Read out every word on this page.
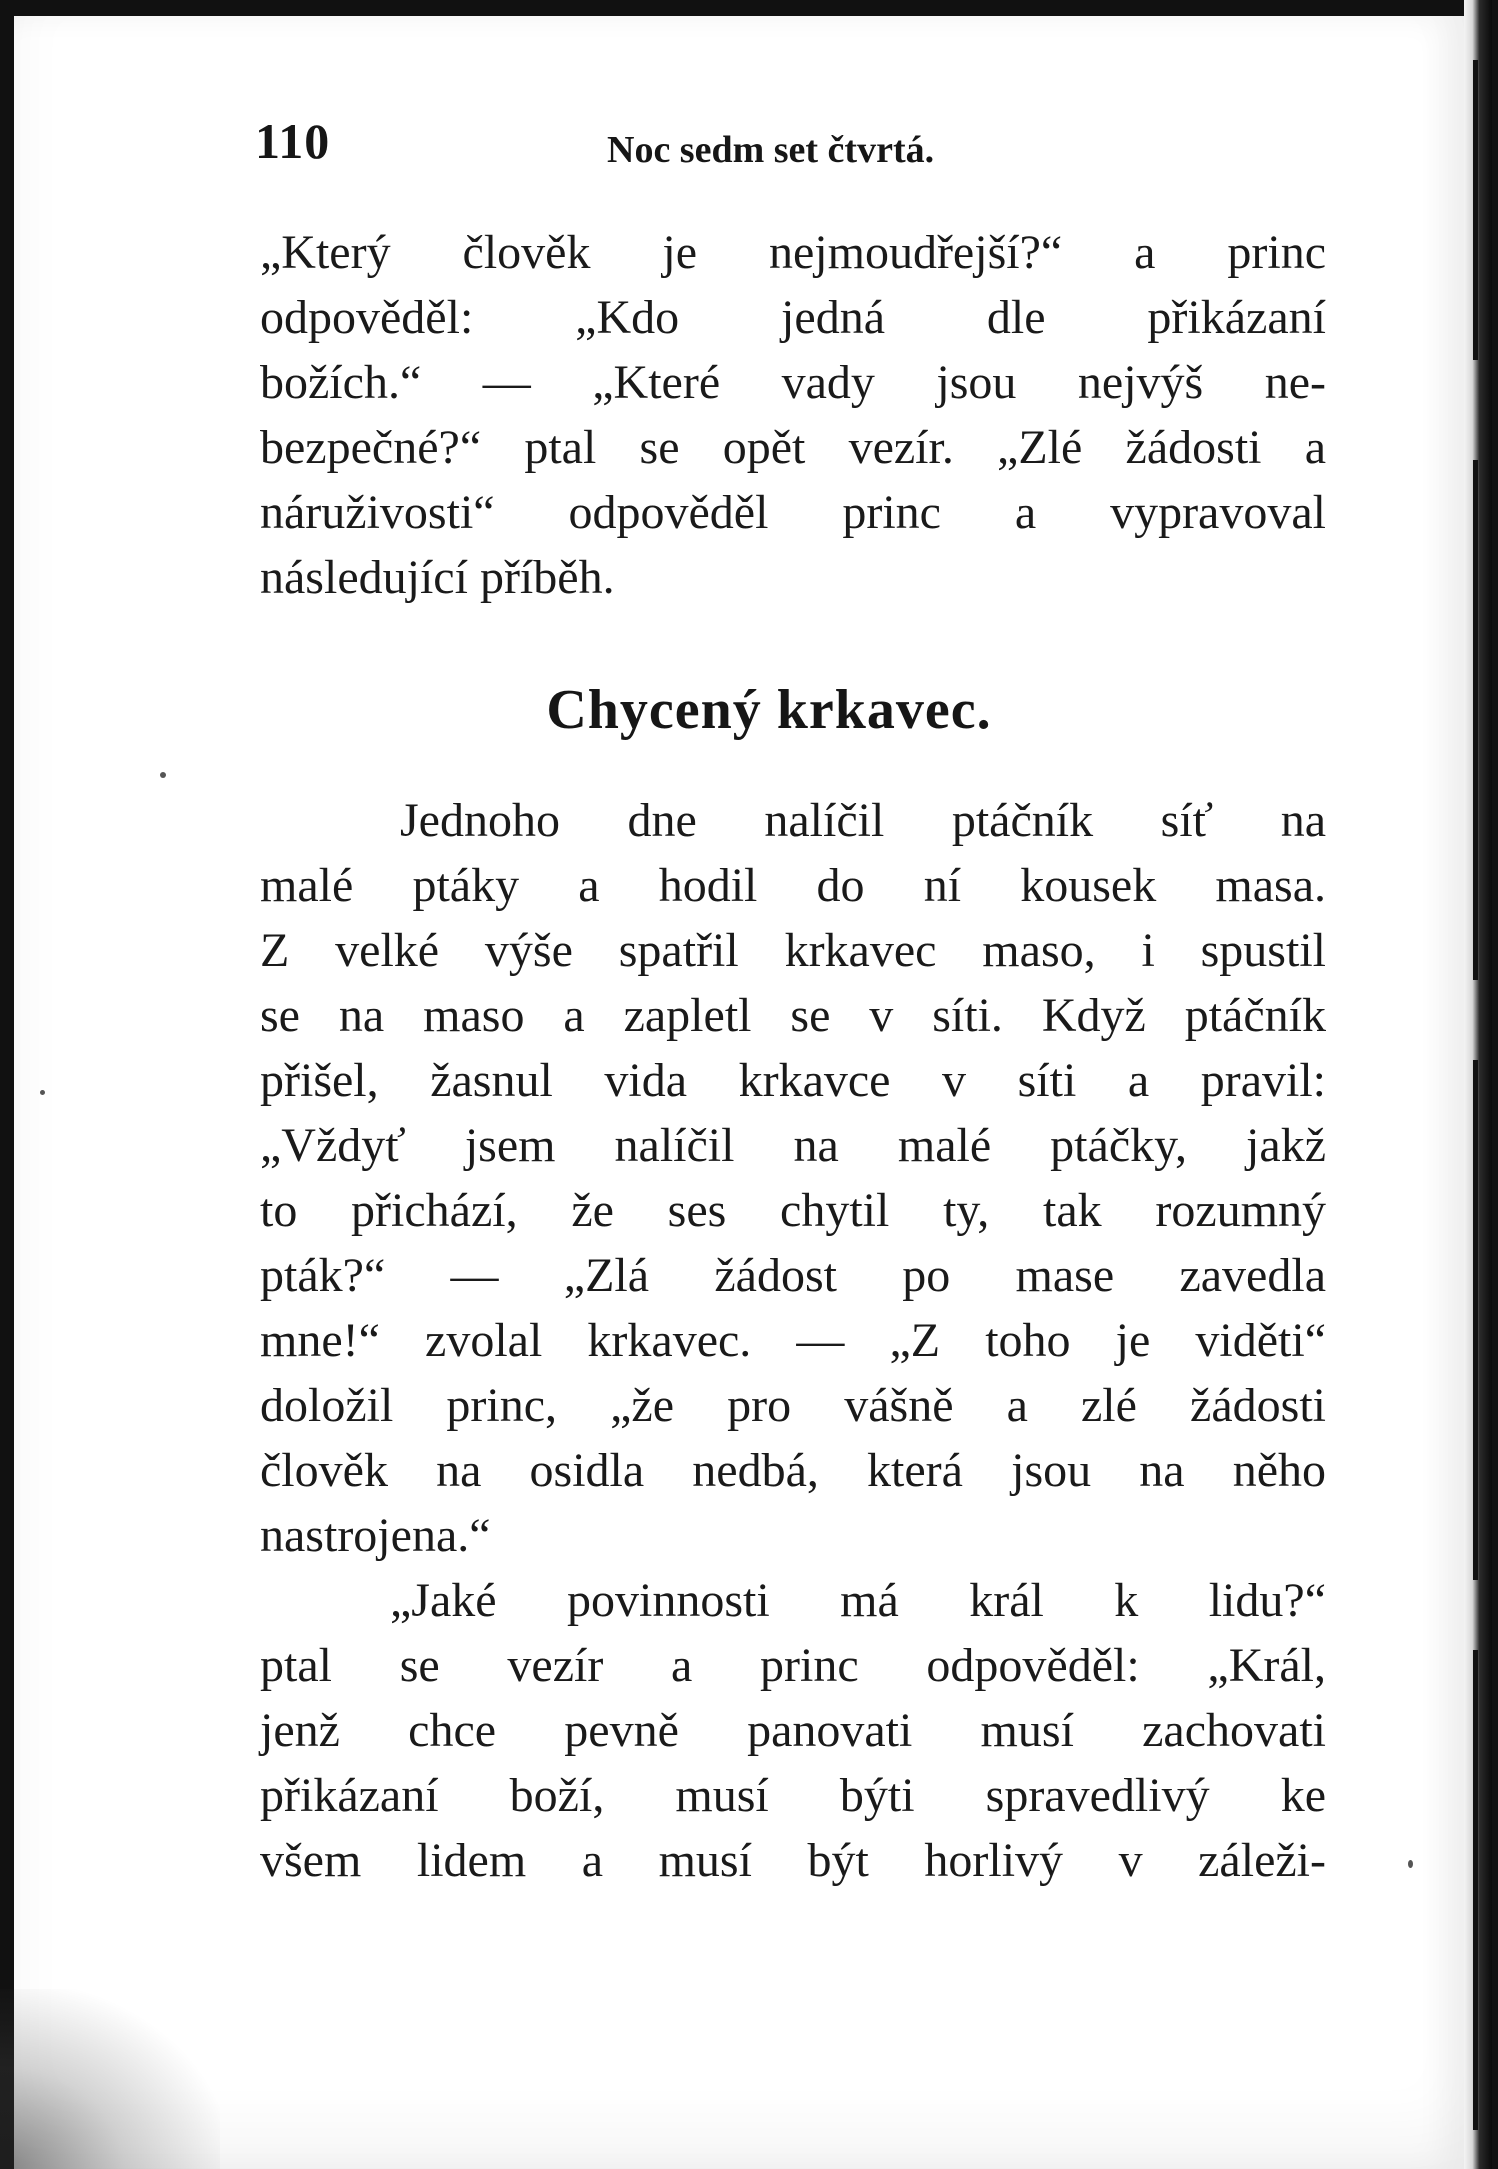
110	Noc sedm set čtvrtá.
„Který člověk je nejmoudřejší?“ a princ
odpověděl: „Kdo jedná dle přikázaní
božích.“ — „Které vady jsou nejvýš ne-
bezpečné?“ ptal se opět vezír. „Zlé žádosti a
náruživosti“ odpověděl princ a vypravoval
následující příběh.
Chycený krkavec.
Jednoho dne nalíčil ptáčník síť na
malé ptáky a hodil do ní kousek masa.
Z velké výše spatřil krkavec maso, i spustil
se na maso a zapletl se v síti. Když ptáčník
přišel, žasnul vida krkavce v síti a pravil:
„Vždyť jsem nalíčil na malé ptáčky, jakž
to přichází, že ses chytil ty, tak rozumný
pták?“ — „Zlá žádost po mase zavedla
mne!“ zvolal krkavec. — „Z toho je viděti“
doložil princ, „že pro vášně a zlé žádosti
člověk na osidla nedbá, která jsou na něho
nastrojena.“
„Jaké povinnosti má král k lidu?“
ptal se vezír a princ odpověděl: „Král,
jenž chce pevně panovati musí zachovati
přikázaní boží, musí býti spravedlivý ke
všem lidem a musí být horlivý v záleži-
